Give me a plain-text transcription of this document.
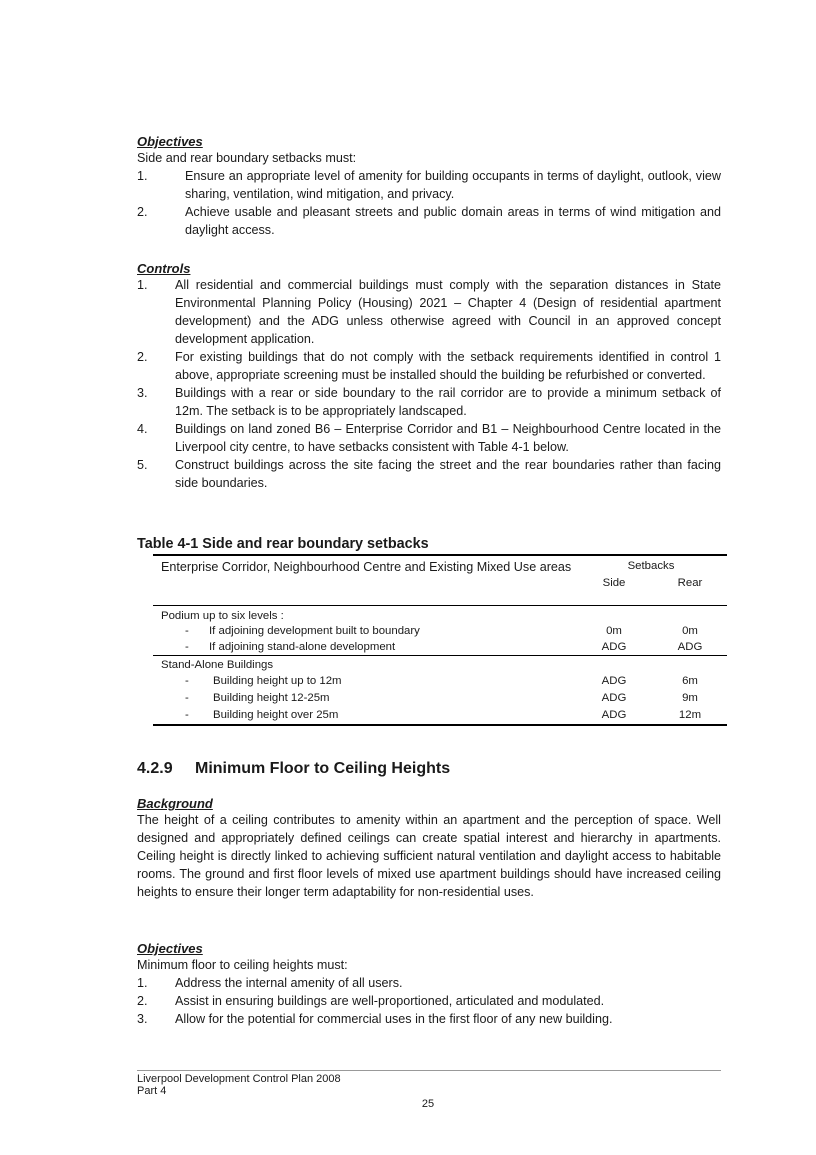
Objectives

Side and rear boundary setbacks must:

1.	Ensure an appropriate level of amenity for building occupants in terms of daylight, outlook, view sharing, ventilation, wind mitigation, and privacy.
2.	Achieve usable and pleasant streets and public domain areas in terms of wind mitigation and daylight access.
Controls
1.	All residential and commercial buildings must comply with the separation distances in State Environmental Planning Policy (Housing) 2021 – Chapter 4 (Design of residential apartment development) and the ADG unless otherwise agreed with Council in an approved concept development application.
2.	For existing buildings that do not comply with the setback requirements identified in control 1 above, appropriate screening must be installed should the building be refurbished or converted.
3.	Buildings with a rear or side boundary to the rail corridor are to provide a minimum setback of 12m. The setback is to be appropriately landscaped.
4.	Buildings on land zoned B6 – Enterprise Corridor and B1 – Neighbourhood Centre located in the Liverpool city centre, to have setbacks consistent with Table 4-1 below.
5.	Construct buildings across the site facing the street and the rear boundaries rather than facing side boundaries.
Table 4-1 Side and rear boundary setbacks
Enterprise Corridor, Neighbourhood Centre and Existing Mixed Use areas	Setbacks	
	Side	Rear

Podium up to six levels :		
- If adjoining development built to boundary	0m	0m
- If adjoining stand-alone development	ADG	ADG
Stand-Alone Buildings		
- Building height up to 12m	ADG	6m
- Building height 12-25m	ADG	9m
- Building height over 25m	ADG	12m
4.2.9	Minimum Floor to Ceiling Heights
Background

The height of a ceiling contributes to amenity within an apartment and the perception of space. Well designed and appropriately defined ceilings can create spatial interest and hierarchy in apartments. Ceiling height is directly linked to achieving sufficient natural ventilation and daylight access to habitable rooms. The ground and first floor levels of mixed use apartment buildings should have increased ceiling heights to ensure their longer term adaptability for non-residential uses.

Objectives

Minimum floor to ceiling heights must:

1.	Address the internal amenity of all users.
2.	Assist in ensuring buildings are well-proportioned, articulated and modulated.
3.	Allow for the potential for commercial uses in the first floor of any new building.
Liverpool Development Control Plan 2008
Part 4
25
